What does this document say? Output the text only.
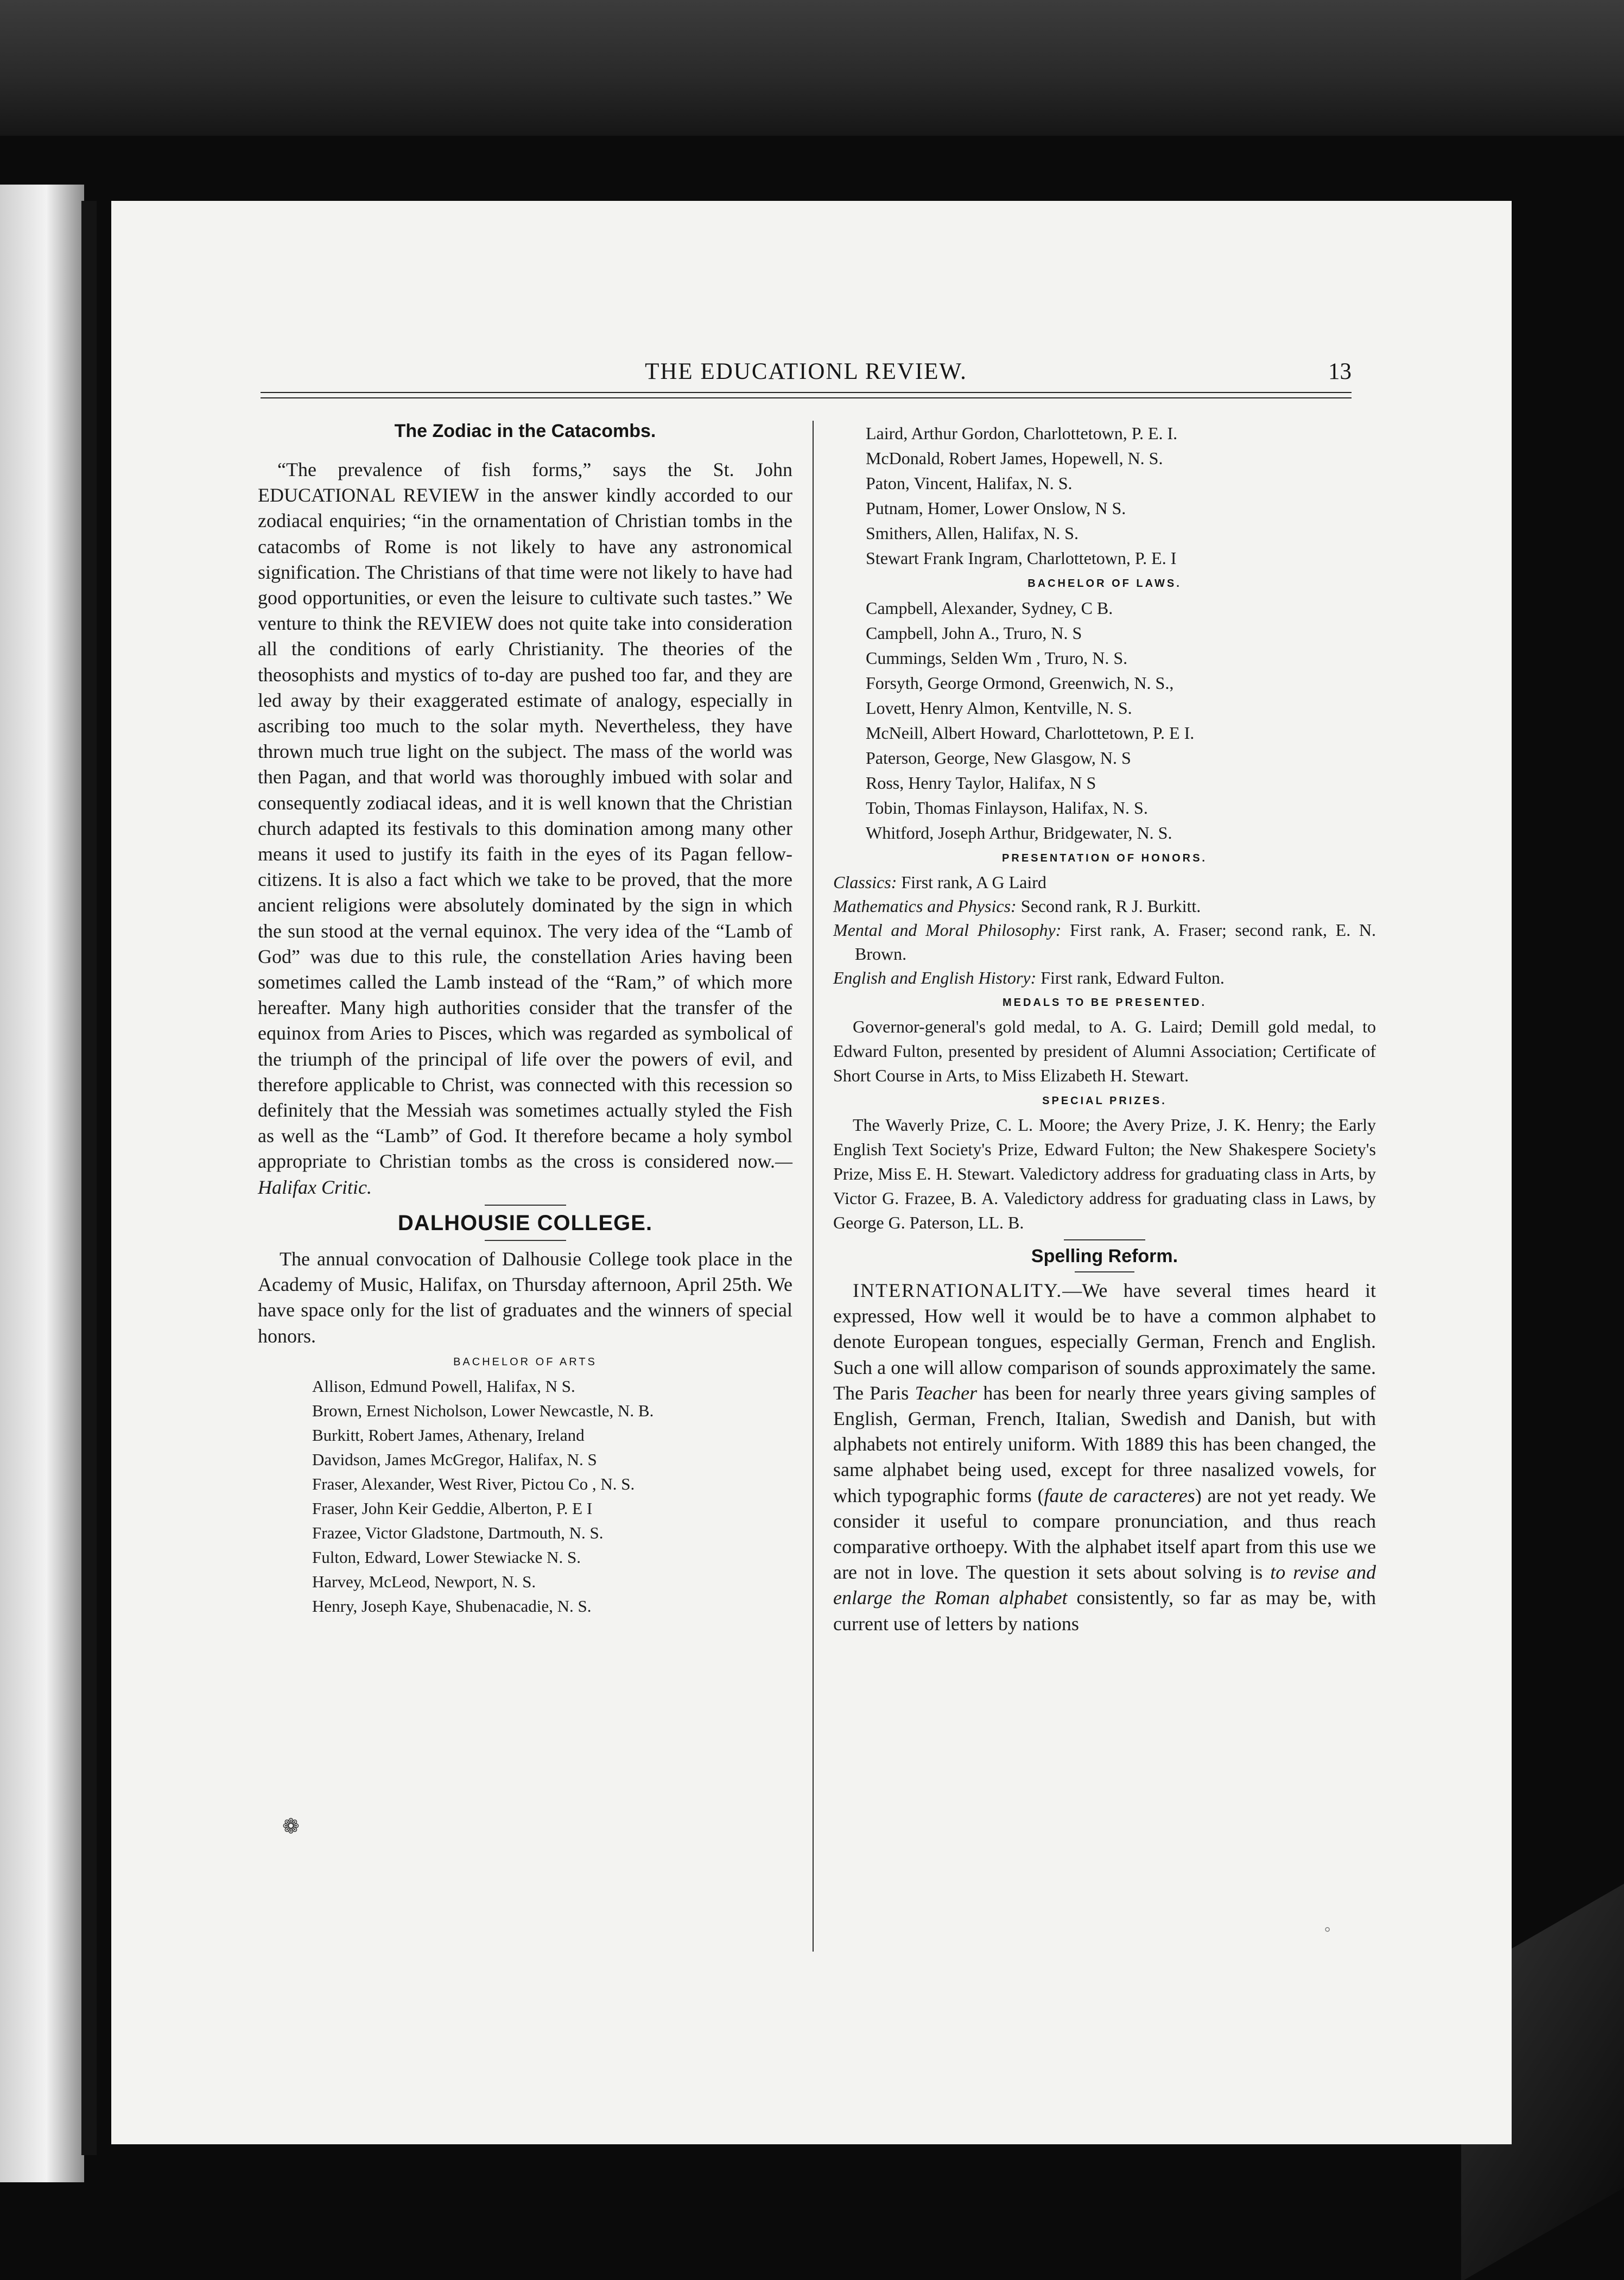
❁
°
THE EDUCATIONL REVIEW.	13
The Zodiac in the Catacombs.

“The prevalence of fish forms,” says the St. John EDUCATIONAL REVIEW in the answer kindly accorded to our zodiacal enquiries; “in the ornamentation of Christian tombs in the catacombs of Rome is not likely to have any astronomical signification. The Christians of that time were not likely to have had good opportunities, or even the leisure to cultivate such tastes.” We venture to think the REVIEW does not quite take into consideration all the conditions of early Christianity. The theories of the theosophists and mystics of to-day are pushed too far, and they are led away by their exaggerated estimate of analogy, especially in ascribing too much to the solar myth. Nevertheless, they have thrown much true light on the subject. The mass of the world was then Pagan, and that world was thoroughly imbued with solar and consequently zodiacal ideas, and it is well known that the Christian church adapted its festivals to this domination among many other means it used to justify its faith in the eyes of its Pagan fellow-citizens. It is also a fact which we take to be proved, that the more ancient religions were absolutely dominated by the sign in which the sun stood at the vernal equinox. The very idea of the “Lamb of God” was due to this rule, the constellation Aries having been sometimes called the Lamb instead of the “Ram,” of which more hereafter. Many high authorities consider that the transfer of the equinox from Aries to Pisces, which was regarded as symbolical of the triumph of the principal of life over the powers of evil, and therefore applicable to Christ, was connected with this recession so definitely that the Messiah was sometimes actually styled the Fish as well as the “Lamb” of God. It therefore became a holy symbol appropriate to Christian tombs as the cross is considered now.—Halifax Critic.

DALHOUSIE COLLEGE.

The annual convocation of Dalhousie College took place in the Academy of Music, Halifax, on Thursday afternoon, April 25th. We have space only for the list of graduates and the winners of special honors.

BACHELOR OF ARTS
Allison, Edmund Powell, Halifax, N S.
Brown, Ernest Nicholson, Lower Newcastle, N. B.
Burkitt, Robert James, Athenary, Ireland
Davidson, James McGregor, Halifax, N. S
Fraser, Alexander, West River, Pictou Co , N. S.
Fraser, John Keir Geddie, Alberton, P. E I
Frazee, Victor Gladstone, Dartmouth, N. S.
Fulton, Edward, Lower Stewiacke N. S.
Harvey, McLeod, Newport, N. S.
Henry, Joseph Kaye, Shubenacadie, N. S.
Laird, Arthur Gordon, Charlottetown, P. E. I.
McDonald, Robert James, Hopewell, N. S.
Paton, Vincent, Halifax, N. S.
Putnam, Homer, Lower Onslow, N S.
Smithers, Allen, Halifax, N. S.
Stewart Frank Ingram, Charlottetown, P. E. I
BACHELOR OF LAWS.
Campbell, Alexander, Sydney, C B.
Campbell, John A., Truro, N. S
Cummings, Selden Wm , Truro, N. S.
Forsyth, George Ormond, Greenwich, N. S.,
Lovett, Henry Almon, Kentville, N. S.
McNeill, Albert Howard, Charlottetown, P. E I.
Paterson, George, New Glasgow, N. S
Ross, Henry Taylor, Halifax, N S
Tobin, Thomas Finlayson, Halifax, N. S.
Whitford, Joseph Arthur, Bridgewater, N. S.
PRESENTATION OF HONORS.

Classics: First rank, A G Laird

Mathematics and Physics: Second rank, R J. Burkitt.

Mental and Moral Philosophy: First rank, A. Fraser; second rank, E. N. Brown.

English and English History: First rank, Edward Fulton.

MEDALS TO BE PRESENTED.

Governor-general's gold medal, to A. G. Laird; Demill gold medal, to Edward Fulton, presented by president of Alumni Association; Certificate of Short Course in Arts, to Miss Elizabeth H. Stewart.

SPECIAL PRIZES.

The Waverly Prize, C. L. Moore; the Avery Prize, J. K. Henry; the Early English Text Society's Prize, Edward Fulton; the New Shakespere Society's Prize, Miss E. H. Stewart. Valedictory address for graduating class in Arts, by Victor G. Frazee, B. A. Valedictory address for graduating class in Laws, by George G. Paterson, LL. B.

Spelling Reform.

INTERNATIONALITY.—We have several times heard it expressed, How well it would be to have a common alphabet to denote European tongues, especially German, French and English. Such a one will allow comparison of sounds approximately the same. The Paris Teacher has been for nearly three years giving samples of English, German, French, Italian, Swedish and Danish, but with alphabets not entirely uniform. With 1889 this has been changed, the same alphabet being used, except for three nasalized vowels, for which typographic forms (faute de caracteres) are not yet ready. We consider it useful to compare pronunciation, and thus reach comparative orthoepy. With the alphabet itself apart from this use we are not in love. The question it sets about solving is to revise and enlarge the Roman alphabet consistently, so far as may be, with current use of letters by nations
